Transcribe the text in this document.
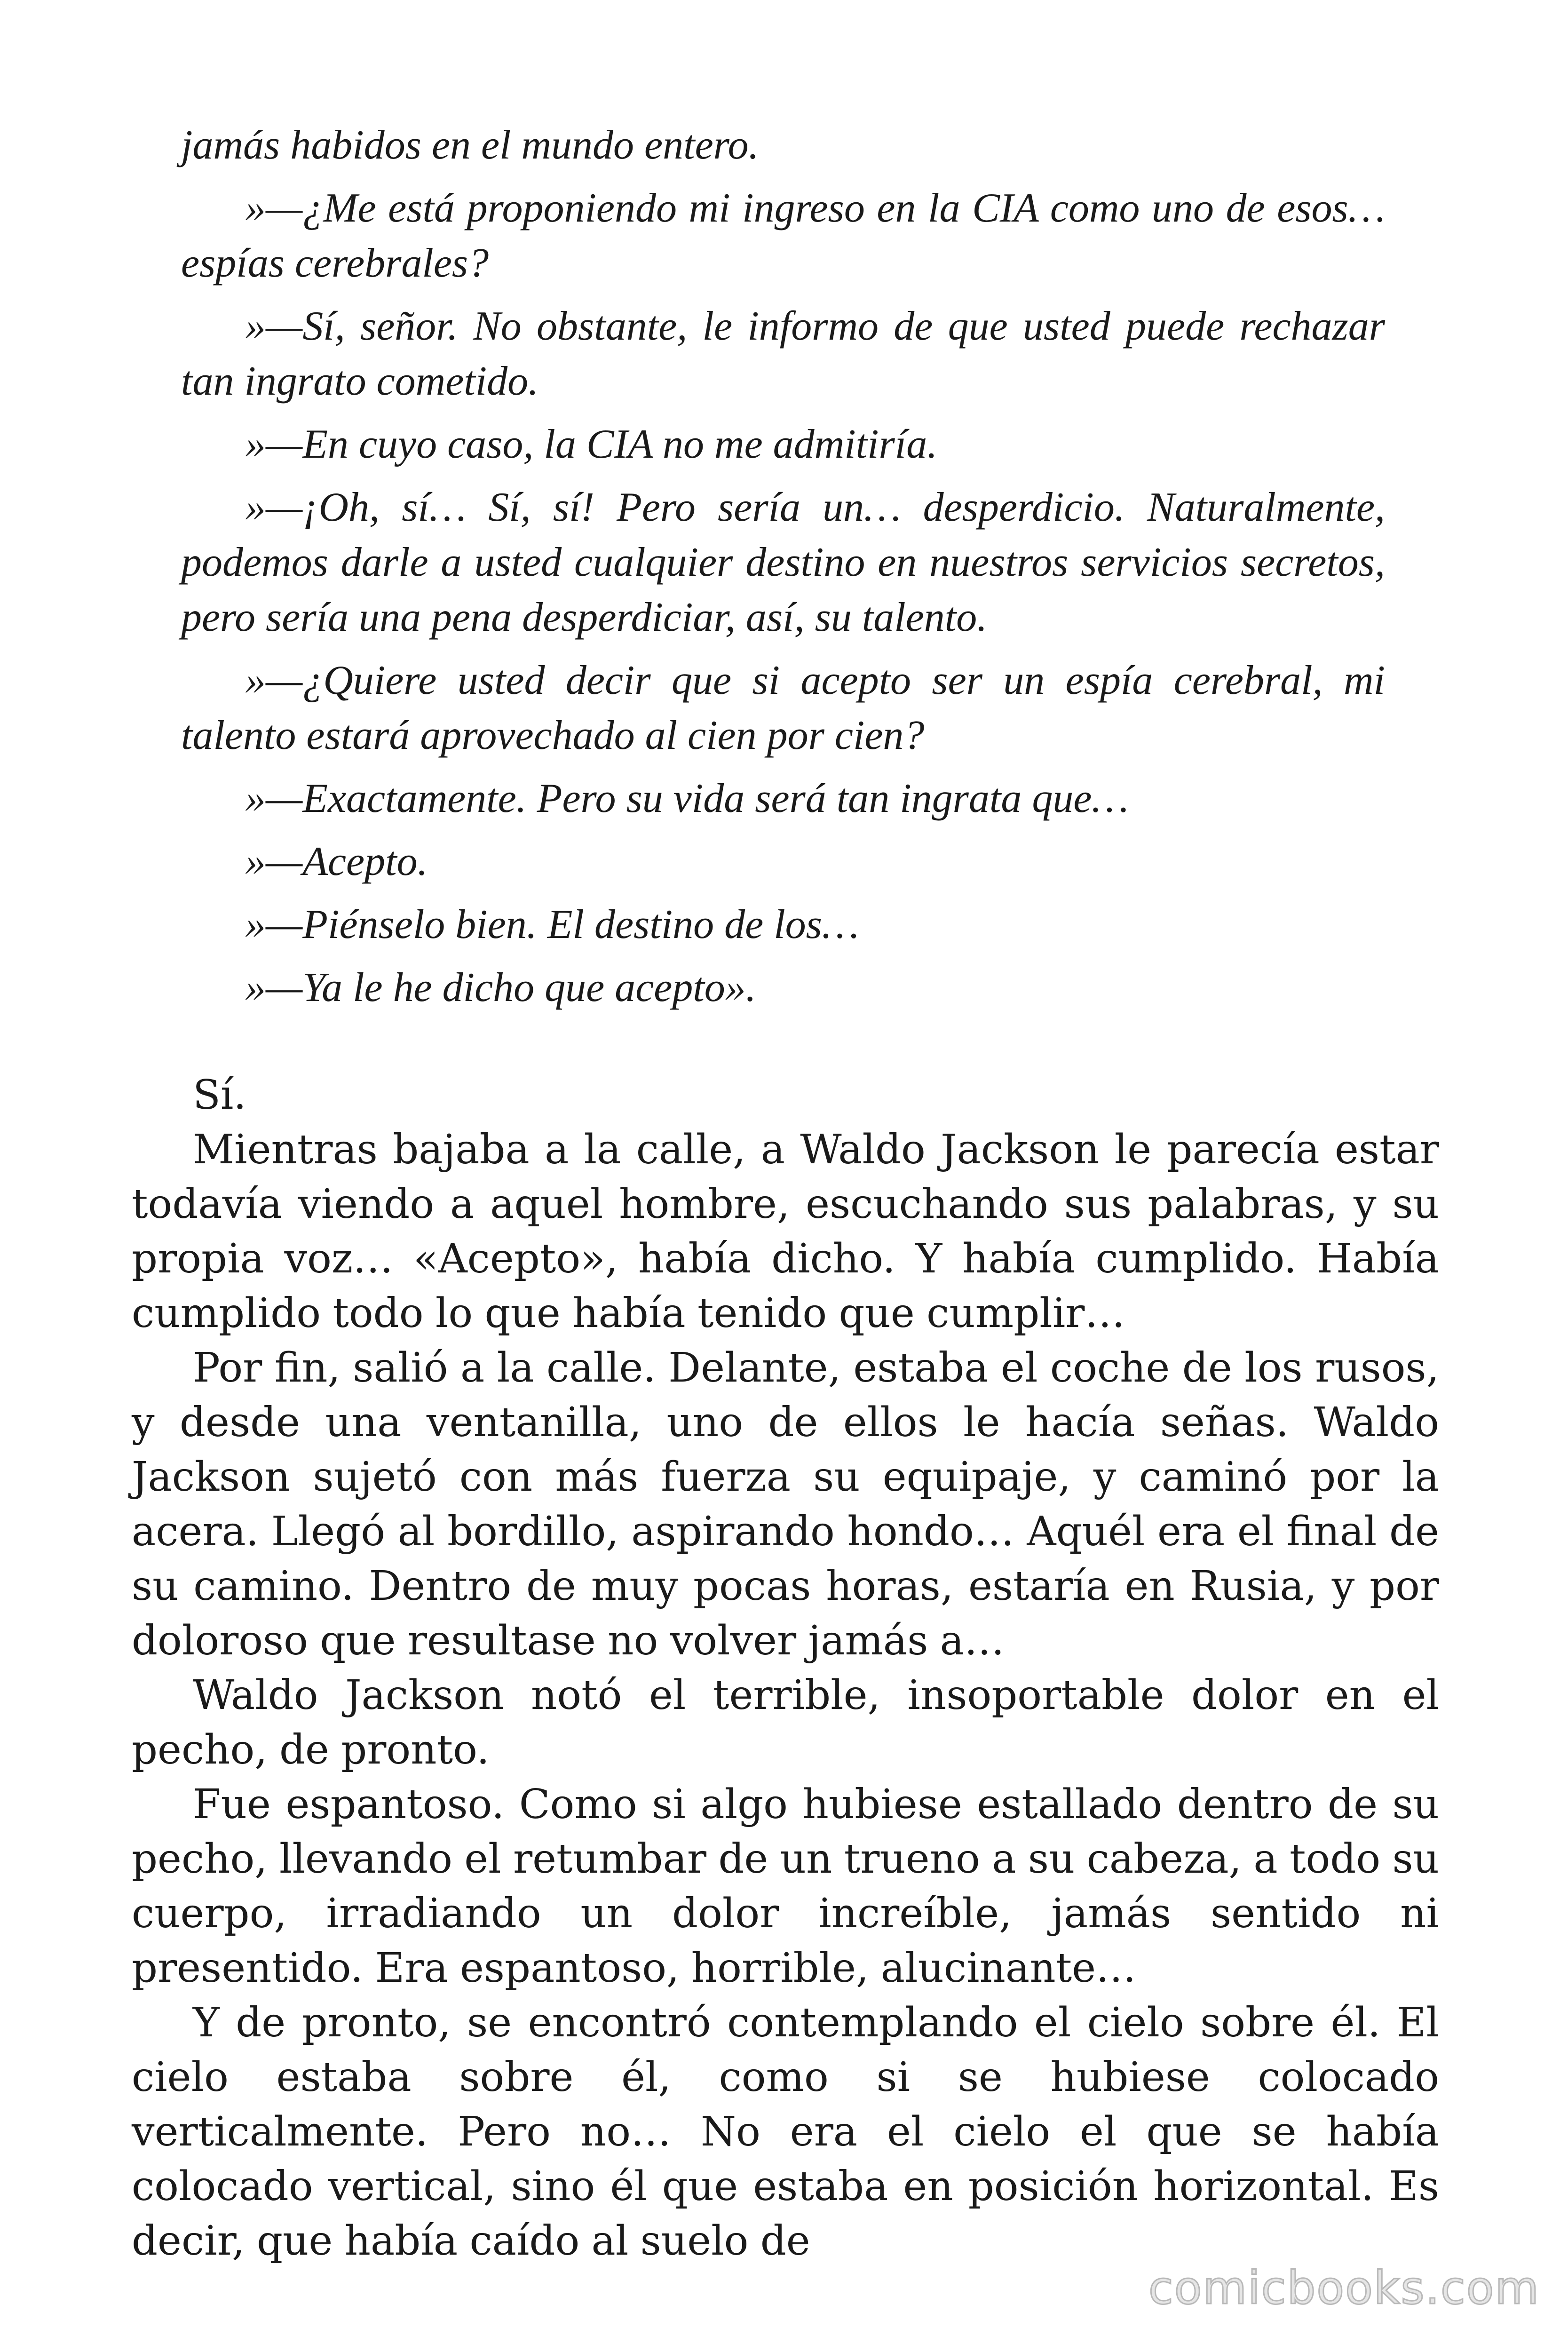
jamás habidos en el mundo entero.

»—¿Me está proponiendo mi ingreso en la CIA como uno de esos… espías cerebrales?

»—Sí, señor. No obstante, le informo de que usted puede rechazar tan ingrato cometido.

»—En cuyo caso, la CIA no me admitiría.

»—¡Oh, sí… Sí, sí! Pero sería un… desperdicio. Naturalmente, podemos darle a usted cualquier destino en nuestros servicios secretos, pero sería una pena desperdiciar, así, su talento.

»—¿Quiere usted decir que si acepto ser un espía cerebral, mi talento estará aprovechado al cien por cien?

»—Exactamente. Pero su vida será tan ingrata que…

»—Acepto.

»—Piénselo bien. El destino de los…

»—Ya le he dicho que acepto».

Sí.

Mientras bajaba a la calle, a Waldo Jackson le parecía estar todavía viendo a aquel hombre, escuchando sus palabras, y su propia voz… «Acepto», había dicho. Y había cumplido. Había cumplido todo lo que había tenido que cumplir…

Por fin, salió a la calle. Delante, estaba el coche de los rusos, y desde una ventanilla, uno de ellos le hacía señas. Waldo Jackson sujetó con más fuerza su equipaje, y caminó por la acera. Llegó al bordillo, aspirando hondo… Aquél era el final de su camino. Dentro de muy pocas horas, estaría en Rusia, y por doloroso que resultase no volver jamás a…

Waldo Jackson notó el terrible, insoportable dolor en el pecho, de pronto.

Fue espantoso. Como si algo hubiese estallado dentro de su pecho, llevando el retumbar de un trueno a su cabeza, a todo su cuerpo, irradiando un dolor increíble, jamás sentido ni presentido. Era espantoso, horrible, alucinante…

Y de pronto, se encontró contemplando el cielo sobre él. El cielo estaba sobre él, como si se hubiese colocado verticalmente. Pero no… No era el cielo el que se había colocado vertical, sino él que estaba en posición horizontal. Es decir, que había caído al suelo de

comicbooks.com
